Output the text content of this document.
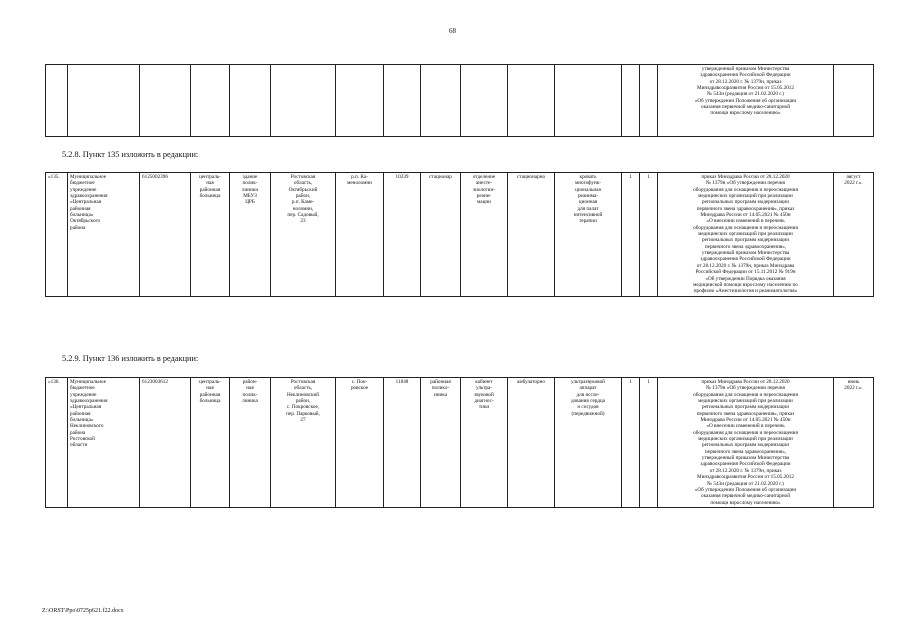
68
														утвержденный приказом Министерства
здравоохранения Российской Федерации
от 28.12.2020 г. № 1379н, приказ
Минздравсоцразвития России от 15.05.2012
№ 543н (редакция от 21.02.2020 г.)
«Об утверждении Положения об организации
оказания первичной медико-санитарной
помощи взрослому населению»	
5.2.8. Пункт 135 изложить в редакции:
«135.	Муниципальное
бюджетное
учреждение
здравоохранения
«Центральная
районная
больница»
Октябрьского
района	6125002396	централь-
ная
районная
больница	здание
полик-
линики
МБУЗ
ЦРБ	Ростовская
область,
Октябрьский
район,
р.п. Каме-
ноломни,
пер. Садовый,
23	р.п. Ка-
меноломни	10239	стационар	отделение
анесте-
зиологии-
реани-
мации	стационарно	кровать
многофунк-
циональная
реанима-
ционная
для палат
интенсивной
терапии	1	1	приказ Минздрава России от 28.12.2020
№ 1379н «Об утверждении перечня
оборудования для оснащения и переоснащения
медицинских организаций при реализации
региональных программ модернизации
первичного звена здравоохранения», приказ
Минздрава России от 14.05.2021 № 450н
«О внесении изменений в перечень
оборудования для оснащения и переоснащения
медицинских организаций при реализации
региональных программ модернизации
первичного звена здравоохранения»,
утвержденный приказом Министерства
здравоохранения Российской Федерации
от 28.12.2020 г. № 1379н, приказ Минздрава
Российской Федерации от 15.11.2012 № 919н
«Об утверждении Порядка оказания
медицинской помощи взрослому населению по
профилю «Анестезиология и реаниматология»	август
2022 г.».
5.2.9. Пункт 136 изложить в редакции:
«136.	Муниципальное
бюджетное
учреждение
здравоохранения
«Центральная
районная
больница»
Неклиновского
района
Ростовской
области	6123003612	централь-
ная
районная
больница	район-
ная
полик-
линика	Ростовская
область,
Неклиновский
район,
с. Покровское,
пер. Парковый,
27	с. Пок-
ровское	11848	районная
поликл-
иника	кабинет
ультра-
звуковой
диагнос-
тики	амбулаторно	ультразвуковой
аппарат
для иссле-
дования сердца
и сосудов
(передвижной)	1	1	приказ Минздрава России от 28.12.2020
№ 1379н «Об утверждении перечня
оборудования для оснащения и переоснащения
медицинских организаций при реализации
региональных программ модернизации
первичного звена здравоохранения», приказ
Минздрава России от 14.05.2021 № 450н
«О внесении изменений в перечень
оборудования для оснащения и переоснащения
медицинских организаций при реализации
региональных программ модернизации
первичного звена здравоохранения»,
утвержденный приказом Министерства
здравоохранения Российской Федерации
от 28.12.2020 г. № 1379н, приказ
Минздравсоцразвития России от 15.05.2012
№ 543н (редакция от 21.02.2020 г.)
«Об утверждении Положения об организации
оказания первичной медико-санитарной
помощи взрослому населению»	июнь
2022 г.».
Z:\ORST\Ppo\0725p621.f22.docx
